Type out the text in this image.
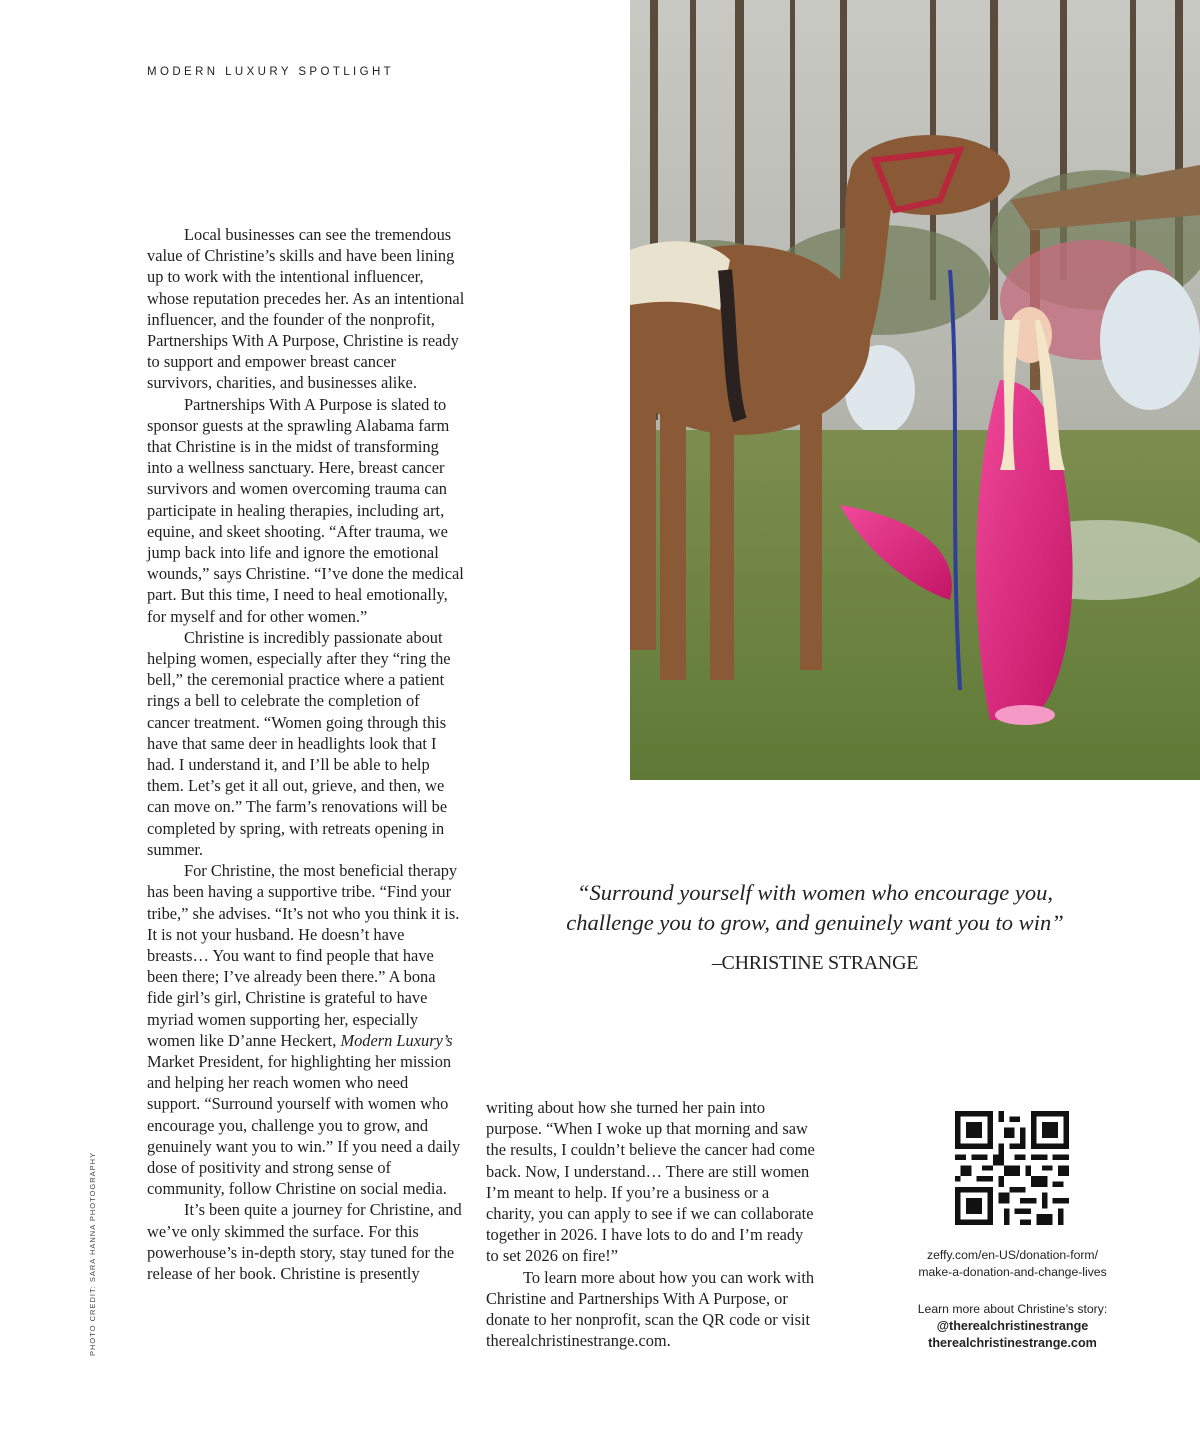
MODERN LUXURY SPOTLIGHT
PHOTO CREDIT: SARA HANNA PHOTOGRAPHY

Local businesses can see the tremendous value of Christine’s skills and have been lining up to work with the intentional influencer, whose reputation precedes her. As an intentional influencer, and the founder of the nonprofit, Partnerships With A Purpose, Christine is ready to support and empower breast cancer survivors, charities, and businesses alike.

Partnerships With A Purpose is slated to sponsor guests at the sprawling Alabama farm that Christine is in the midst of transforming into a wellness sanctuary. Here, breast cancer survivors and women overcoming trauma can participate in healing therapies, including art, equine, and skeet shooting. “After trauma, we jump back into life and ignore the emotional wounds,” says Christine. “I’ve done the medical part. But this time, I need to heal emotionally, for myself and for other women.”

Christine is incredibly passionate about helping women, especially after they “ring the bell,” the ceremonial practice where a patient rings a bell to celebrate the completion of cancer treatment. “Women going through this have that same deer in headlights look that I had. I understand it, and I’ll be able to help them. Let’s get it all out, grieve, and then, we can move on.” The farm’s renovations will be completed by spring, with retreats opening in summer.

For Christine, the most beneficial therapy has been having a supportive tribe. “Find your tribe,” she advises. “It’s not who you think it is. It is not your husband. He doesn’t have breasts… You want to find people that have been there; I’ve already been there.” A bona fide girl’s girl, Christine is grateful to have myriad women supporting her, especially women like D’anne Heckert, Modern Luxury’s Market President, for highlighting her mission and helping her reach women who need support. “Surround yourself with women who encourage you, challenge you to grow, and genuinely want you to win.” If you need a daily dose of positivity and strong sense of community, follow Christine on social media.

It’s been quite a journey for Christine, and we’ve only skimmed the surface. For this powerhouse’s in-depth story, stay tuned for the release of her book. Christine is presently

writing about how she turned her pain into purpose. “When I woke up that morning and saw the results, I couldn’t believe the cancer had come back. Now, I understand… There are still women I’m meant to help. If you’re a business or a charity, you can apply to see if we can collaborate together in 2026. I have lots to do and I’m ready to set 2026 on fire!”

To learn more about how you can work with Christine and Partnerships With A Purpose, or donate to her nonprofit, scan the QR code or visit therealchristinestrange.com.

“Surround yourself with women who encourage you,

challenge you to grow, and genuinely want you to win”

–CHRISTINE STRANGE
zeffy.com/en-US/donation-form/
make-a-donation-and-change-lives
Learn more about Christine’s story:
@therealchristinestrange
therealchristinestrange.com
